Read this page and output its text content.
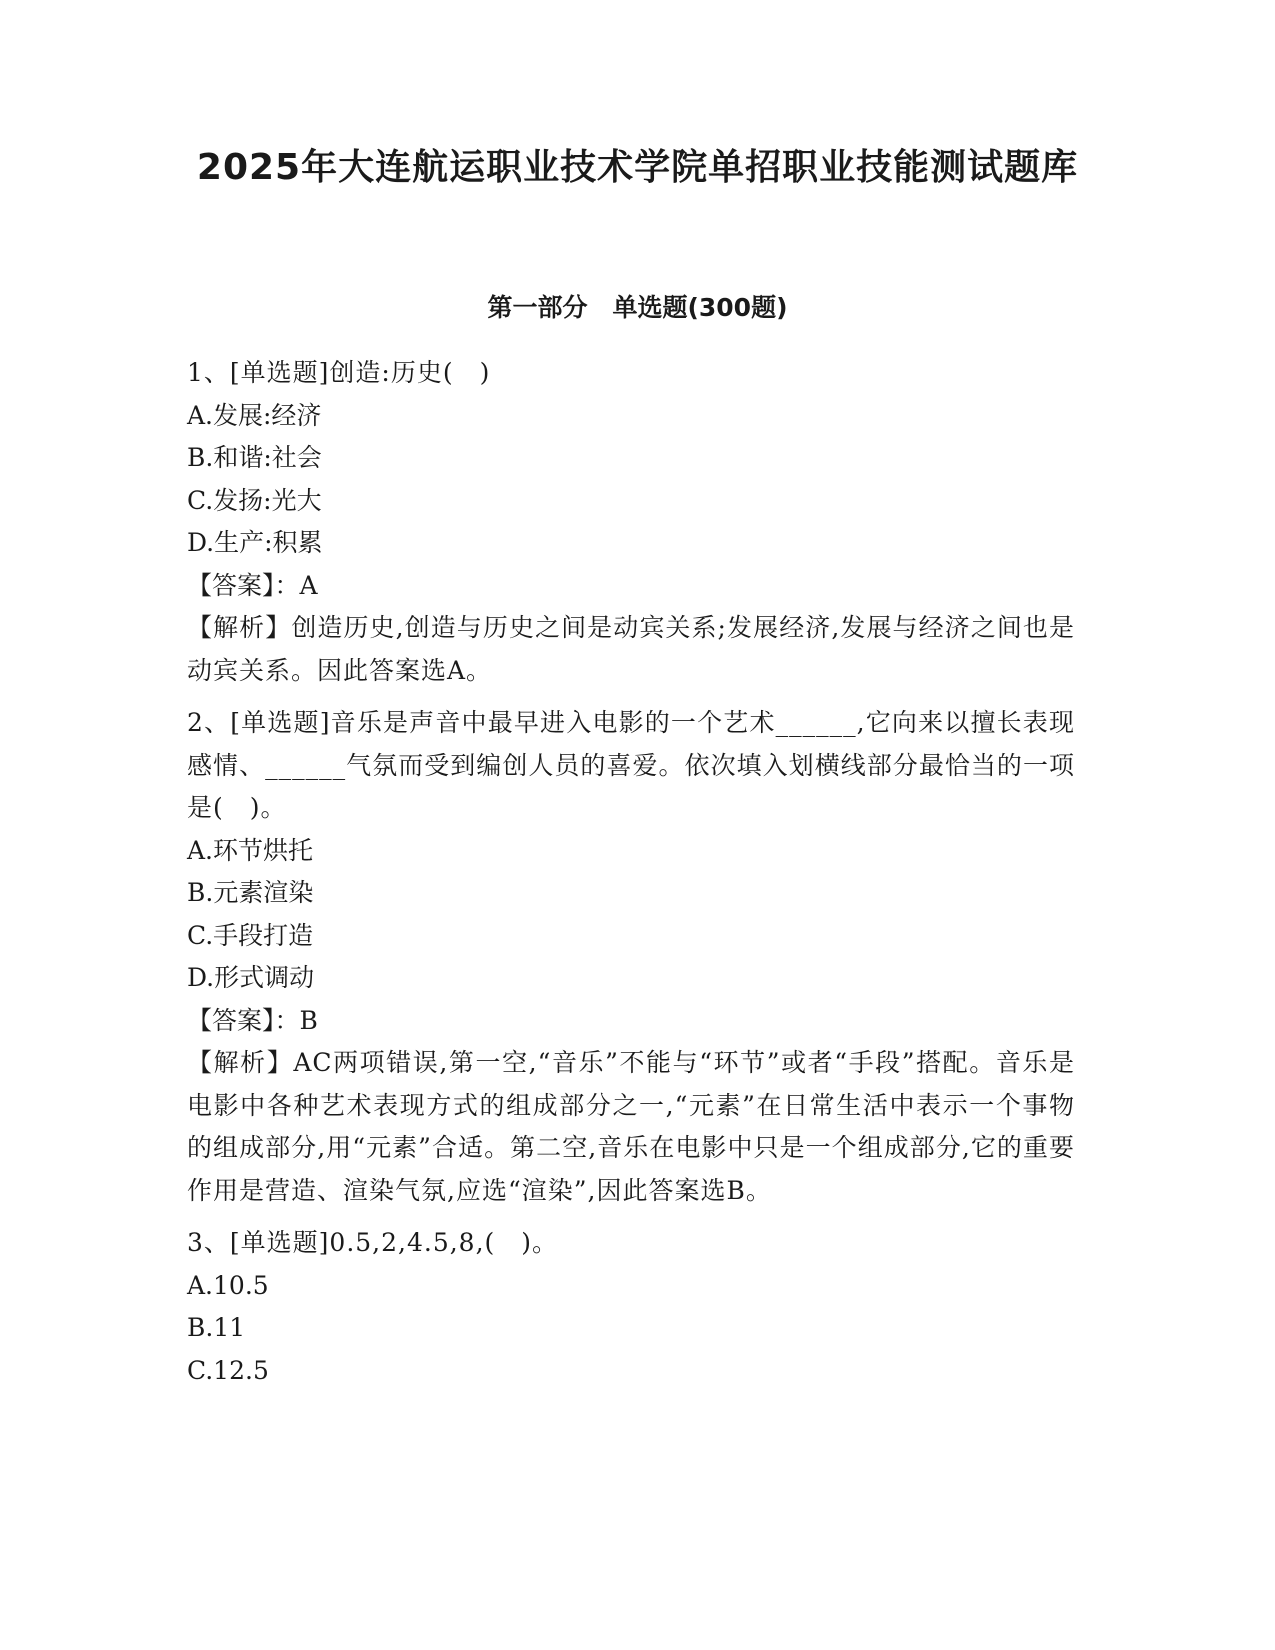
2025年大连航运职业技术学院单招职业技能测试题库
第一部分　单选题(300题)

1、[单选题]创造:历史(　)

A.发展:经济

B.和谐:社会

C.发扬:光大

D.生产:积累

【答案】：A

【解析】创造历史,创造与历史之间是动宾关系;发展经济,发展与经济之间也是动宾关系。因此答案选A。

2、[单选题]音乐是声音中最早进入电影的一个艺术______,它向来以擅长表现感情、______气氛而受到编创人员的喜爱。依次填入划横线部分最恰当的一项是(　)。

A.环节烘托

B.元素渲染

C.手段打造

D.形式调动

【答案】：B

【解析】AC两项错误,第一空,“音乐”不能与“环节”或者“手段”搭配。音乐是电影中各种艺术表现方式的组成部分之一,“元素”在日常生活中表示一个事物的组成部分,用“元素”合适。第二空,音乐在电影中只是一个组成部分,它的重要作用是营造、渲染气氛,应选“渲染”,因此答案选B。

3、[单选题]0.5,2,4.5,8,(　)。

A.10.5

B.11

C.12.5
